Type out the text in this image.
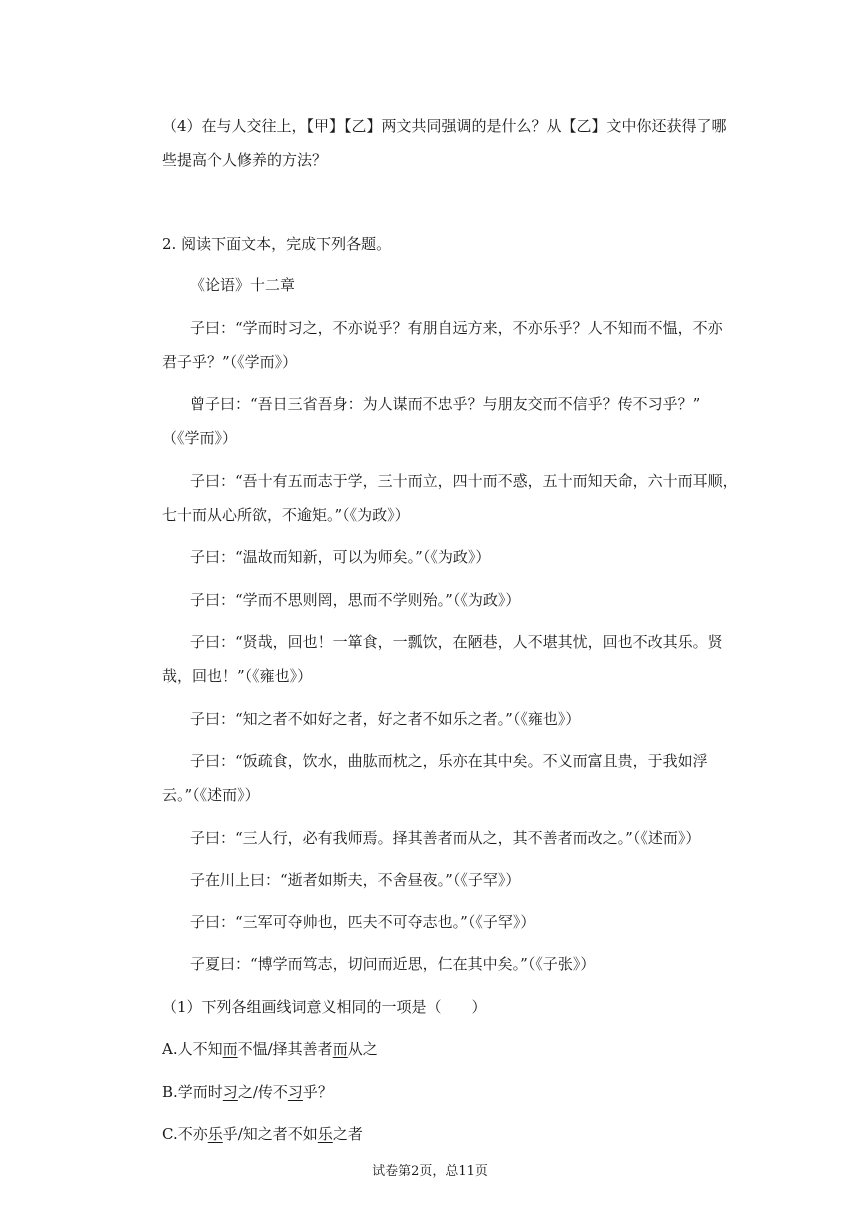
（4）在与人交往上，【甲】【乙】两文共同强调的是什么？从【乙】文中你还获得了哪
些提高个人修养的方法？
2. 阅读下面文本，完成下列各题。
《论语》十二章
子曰：“学而时习之，不亦说乎？有朋自远方来，不亦乐乎？人不知而不愠，不亦
君子乎？”（《学而》）
曾子曰：“吾日三省吾身：为人谋而不忠乎？与朋友交而不信乎？传不习乎？”
（《学而》）
子曰：“吾十有五而志于学，三十而立，四十而不惑，五十而知天命，六十而耳顺，
七十而从心所欲，不逾矩。”（《为政》）
子曰：“温故而知新，可以为师矣。”（《为政》）
子曰：“学而不思则罔，思而不学则殆。”（《为政》）
子曰：“贤哉，回也！一箪食，一瓢饮，在陋巷，人不堪其忧，回也不改其乐。贤
哉，回也！”（《雍也》）
子曰：“知之者不如好之者，好之者不如乐之者。”（《雍也》）
子曰：“饭疏食，饮水，曲肱而枕之，乐亦在其中矣。不义而富且贵，于我如浮
云。”（《述而》）
子曰：“三人行，必有我师焉。择其善者而从之，其不善者而改之。”（《述而》）
子在川上曰：“逝者如斯夫，不舍昼夜。”（《子罕》）
子曰：“三军可夺帅也，匹夫不可夺志也。”（《子罕》）
子夏曰：“博学而笃志，切问而近思，仁在其中矣。”（《子张》）
（1）下列各组画线词意义相同的一项是（　　）
A.人不知而不愠/择其善者而从之
B.学而时习之/传不习乎？
C.不亦乐乎/知之者不如乐之者
试卷第2页，总11页
